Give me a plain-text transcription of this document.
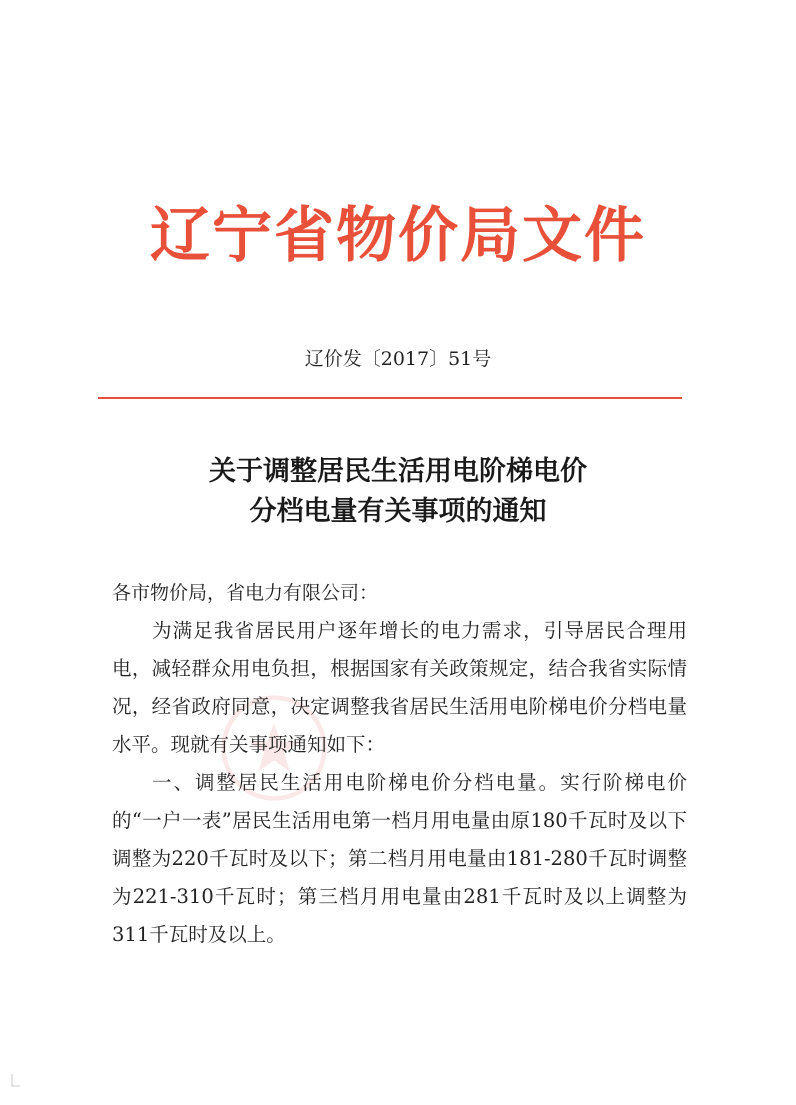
辽宁省物价局文件
辽价发〔2017〕51号
关于调整居民生活用电阶梯电价
分档电量有关事项的通知
各市物价局，省电力有限公司：

为满足我省居民用户逐年增长的电力需求，引导居民合理用电，减轻群众用电负担，根据国家有关政策规定，结合我省实际情况，经省政府同意，决定调整我省居民生活用电阶梯电价分档电量水平。现就有关事项通知如下：

一、调整居民生活用电阶梯电价分档电量。实行阶梯电价的“一户一表”居民生活用电第一档月用电量由原180千瓦时及以下调整为220千瓦时及以下；第二档月用电量由181-280千瓦时调整为221-310千瓦时；第三档月用电量由281千瓦时及以上调整为311千瓦时及以上。
